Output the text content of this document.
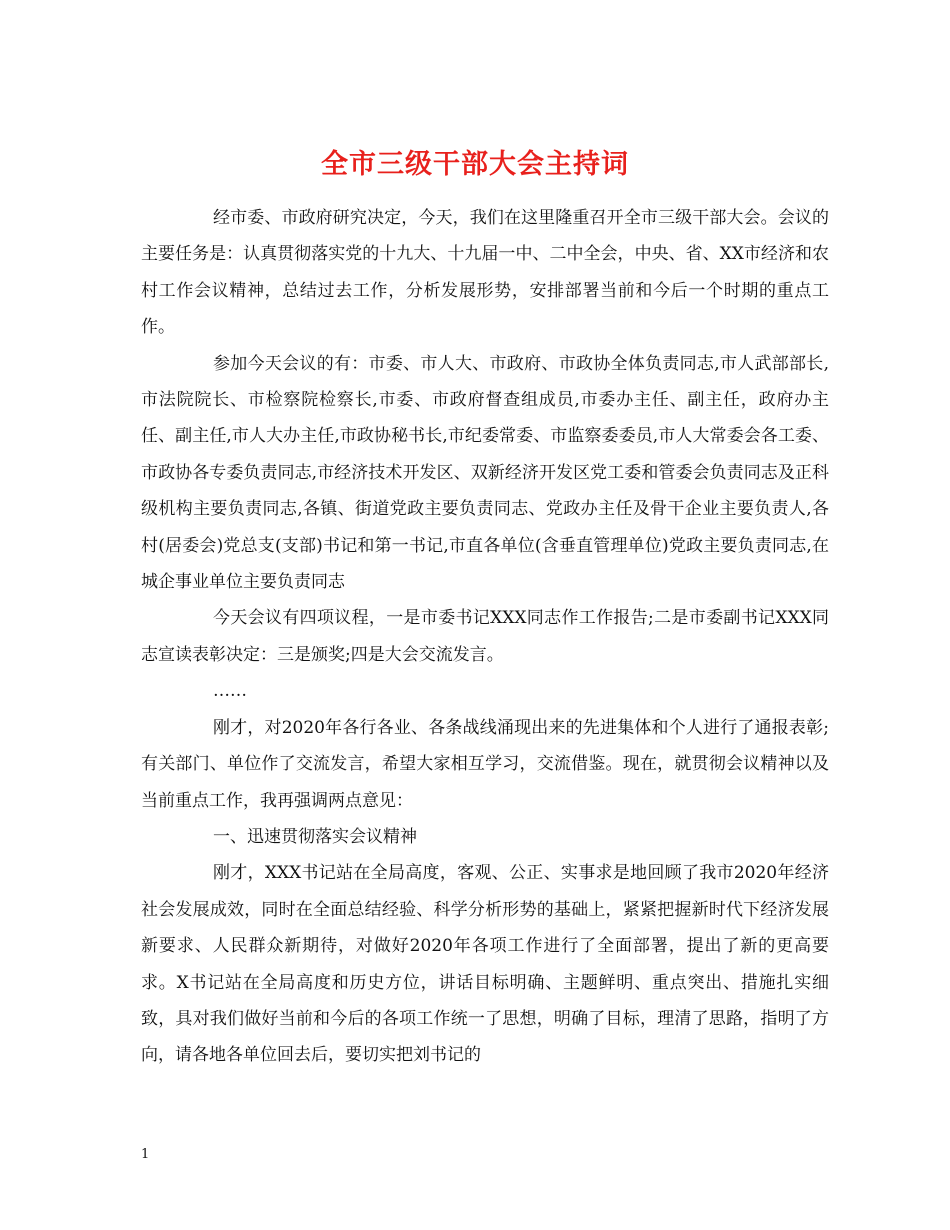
全市三级干部大会主持词

经市委、市政府研究决定，今天，我们在这里隆重召开全市三级干部大会。会议的主要任务是：认真贯彻落实党的十九大、十九届一中、二中全会，中央、省、XX市经济和农村工作会议精神，总结过去工作，分析发展形势，安排部署当前和今后一个时期的重点工作。

参加今天会议的有：市委、市人大、市政府、市政协全体负责同志,市人武部部长,市法院院长、市检察院检察长,市委、市政府督查组成员,市委办主任、副主任，政府办主任、副主任,市人大办主任,市政协秘书长,市纪委常委、市监察委委员,市人大常委会各工委、市政协各专委负责同志,市经济技术开发区、双新经济开发区党工委和管委会负责同志及正科级机构主要负责同志,各镇、街道党政主要负责同志、党政办主任及骨干企业主要负责人,各村(居委会)党总支(支部)书记和第一书记,市直各单位(含垂直管理单位)党政主要负责同志,在城企事业单位主要负责同志

今天会议有四项议程，一是市委书记XXX同志作工作报告;二是市委副书记XXX同志宣读表彰决定：三是颁奖;四是大会交流发言。

……

刚才，对2020年各行各业、各条战线涌现出来的先进集体和个人进行了通报表彰;有关部门、单位作了交流发言，希望大家相互学习，交流借鉴。现在，就贯彻会议精神以及当前重点工作，我再强调两点意见：

一、迅速贯彻落实会议精神

刚才，XXX书记站在全局高度，客观、公正、实事求是地回顾了我市2020年经济社会发展成效，同时在全面总结经验、科学分析形势的基础上，紧紧把握新时代下经济发展新要求、人民群众新期待，对做好2020年各项工作进行了全面部署，提出了新的更高要求。X书记站在全局高度和历史方位，讲话目标明确、主题鲜明、重点突出、措施扎实细致，具对我们做好当前和今后的各项工作统一了思想，明确了目标，理清了思路，指明了方向，请各地各单位回去后，要切实把刘书记的

1
